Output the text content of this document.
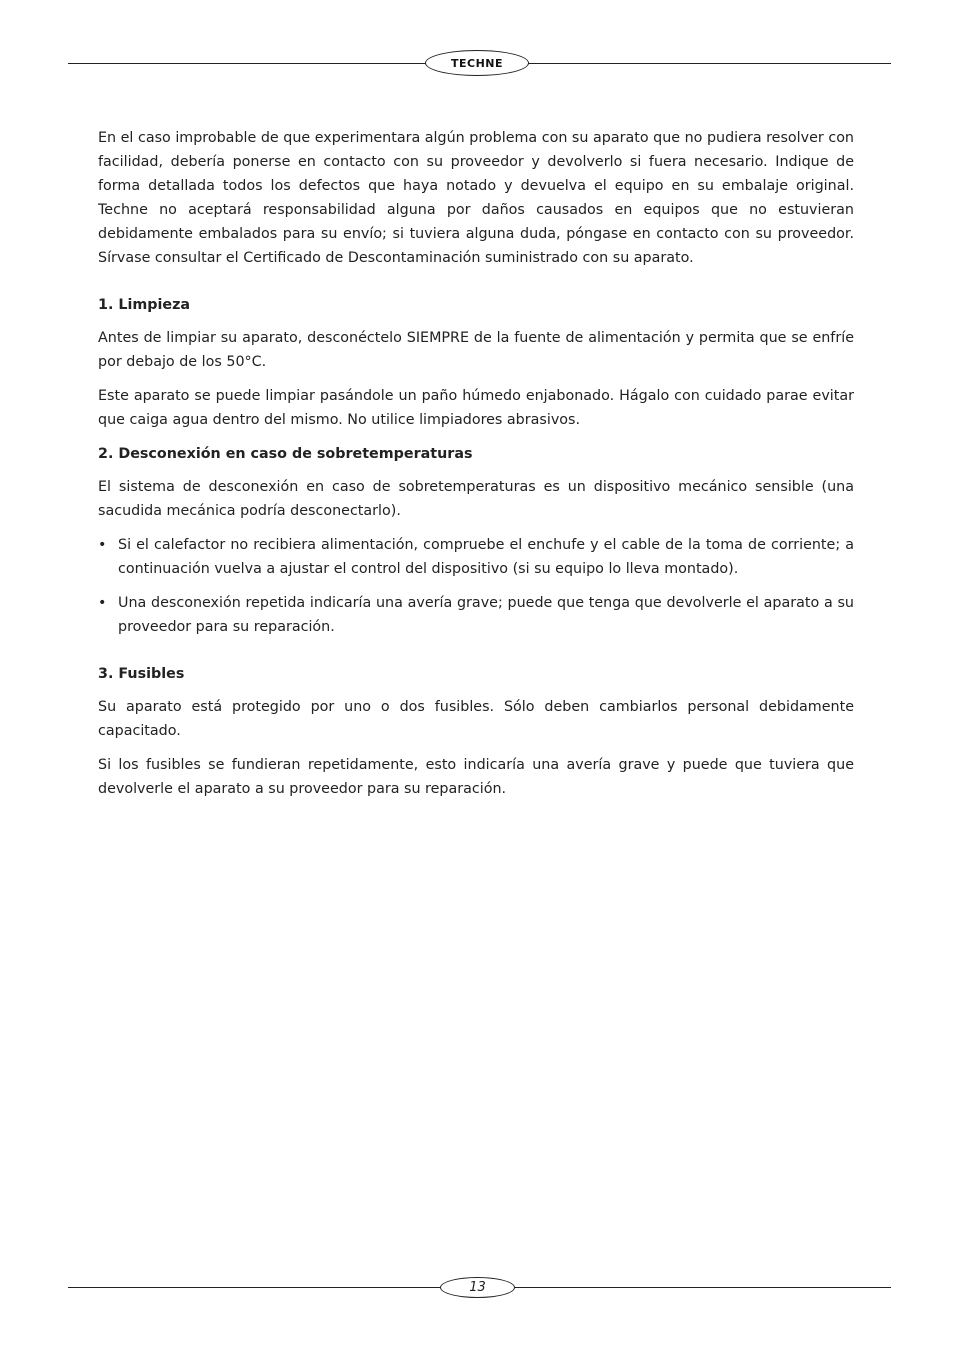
TECHNE

En el caso improbable de que experimentara algún problema con su aparato que no pudiera resolver con facilidad, debería ponerse en contacto con su proveedor y devolverlo si fuera necesario. Indique de forma detallada todos los defectos que haya notado y devuelva el equipo en su embalaje original. Techne no aceptará responsabilidad alguna por daños causados en equipos que no estuvieran debidamente embalados para su envío; si tuviera alguna duda, póngase en contacto con su proveedor. Sírvase consultar el Certificado de Descontaminación suministrado con su aparato.

1. Limpieza

Antes de limpiar su aparato, desconéctelo SIEMPRE de la fuente de alimentación y permita que se enfríe por debajo de los 50°C.

Este aparato se puede limpiar pasándole un paño húmedo enjabonado. Hágalo con cuidado parae evitar que caiga agua dentro del mismo. No utilice limpiadores abrasivos.

2. Desconexión en caso de sobretemperaturas

El sistema de desconexión en caso de sobretemperaturas es un dispositivo mecánico sensible (una sacudida mecánica podría desconectarlo).

• Si el calefactor no recibiera alimentación, compruebe el enchufe y el cable de la toma de corriente; a continuación vuelva a ajustar el control del dispositivo (si su equipo lo lleva montado).
• Una desconexión repetida indicaría una avería grave; puede que tenga que devolverle el aparato a su proveedor para su reparación.
3. Fusibles

Su aparato está protegido por uno o dos fusibles. Sólo deben cambiarlos personal debidamente capacitado.

Si los fusibles se fundieran repetidamente, esto indicaría una avería grave y puede que tuviera que devolverle el aparato a su proveedor para su reparación.

13
